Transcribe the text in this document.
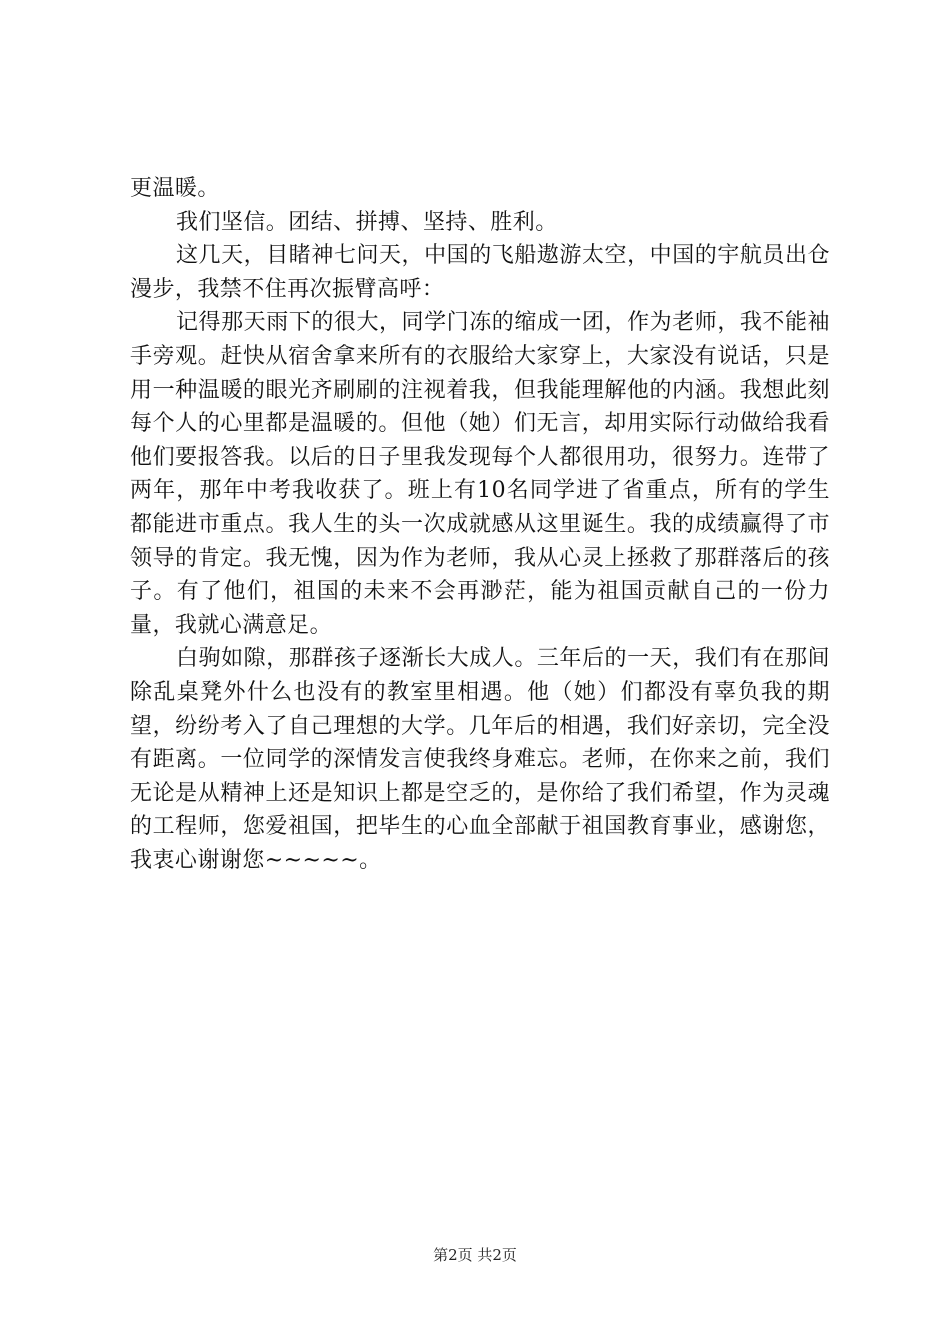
更温暖。

我们坚信。团结、拼搏、坚持、胜利。

这几天，目睹神七问天，中国的飞船遨游太空，中国的宇航员出仓漫步，我禁不住再次振臂高呼：

记得那天雨下的很大，同学门冻的缩成一团，作为老师，我不能袖手旁观。赶快从宿舍拿来所有的衣服给大家穿上，大家没有说话，只是用一种温暖的眼光齐刷刷的注视着我，但我能理解他的内涵。我想此刻每个人的心里都是温暖的。但他（她）们无言，却用实际行动做给我看他们要报答我。以后的日子里我发现每个人都很用功，很努力。连带了两年，那年中考我收获了。班上有10名同学进了省重点，所有的学生都能进市重点。我人生的头一次成就感从这里诞生。我的成绩赢得了市领导的肯定。我无愧，因为作为老师，我从心灵上拯救了那群落后的孩子。有了他们，祖国的未来不会再渺茫，能为祖国贡献自己的一份力量，我就心满意足。

白驹如隙，那群孩子逐渐长大成人。三年后的一天，我们有在那间除乱桌凳外什么也没有的教室里相遇。他（她）们都没有辜负我的期望，纷纷考入了自己理想的大学。几年后的相遇，我们好亲切，完全没有距离。一位同学的深情发言使我终身难忘。老师，在你来之前，我们无论是从精神上还是知识上都是空乏的，是你给了我们希望，作为灵魂的工程师，您爱祖国，把毕生的心血全部献于祖国教育事业，感谢您，我衷心谢谢您~~~~~。

第2页 共2页
